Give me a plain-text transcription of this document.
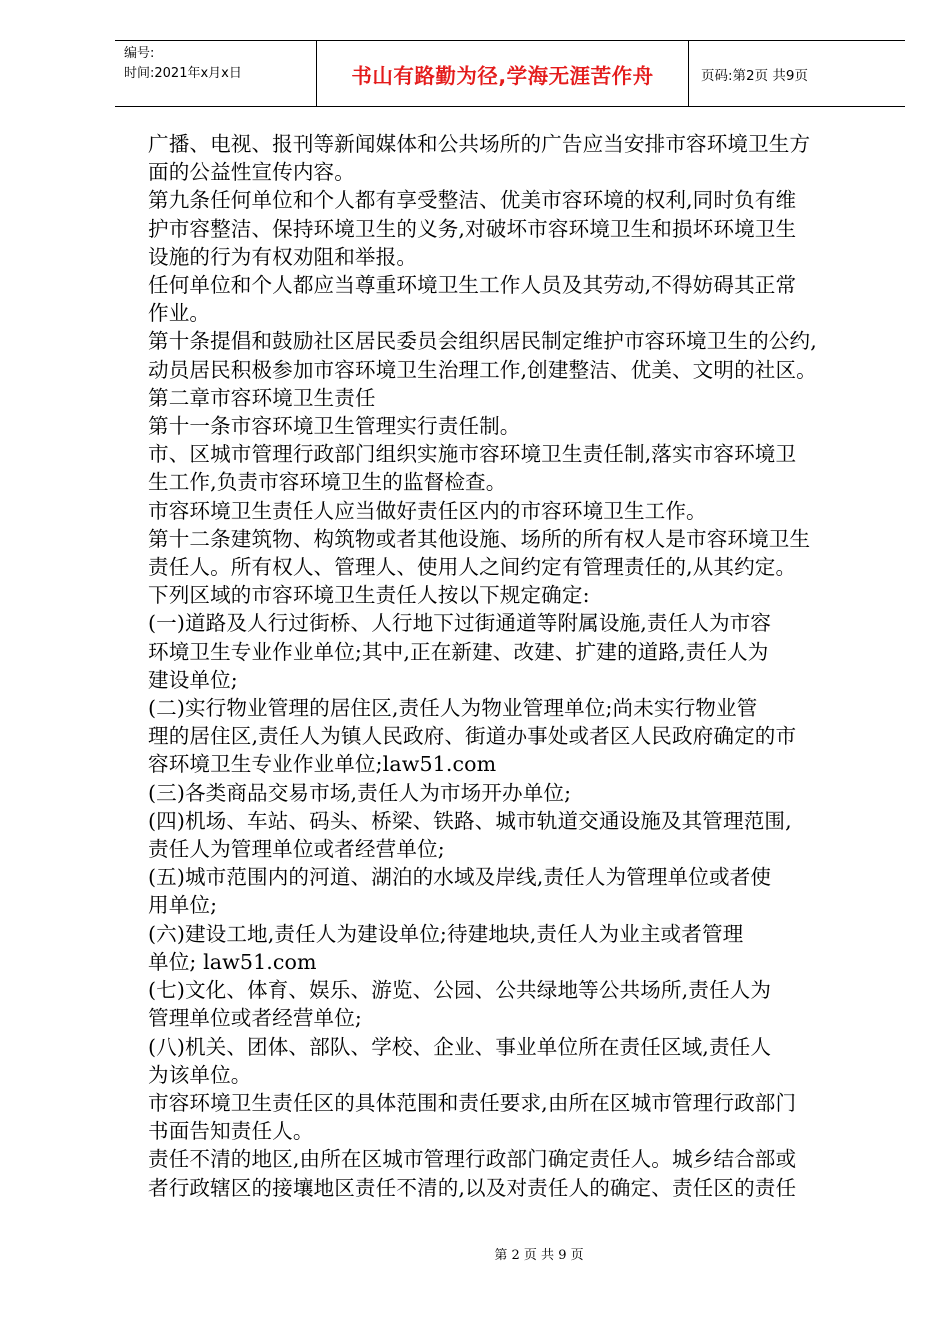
编号:
时间:2021年x月x日	书山有路勤为径,学海无涯苦作舟	页码:第2页 共9页

广播、电视、报刊等新闻媒体和公共场所的广告应当安排市容环境卫生方

面的公益性宣传内容。

第九条任何单位和个人都有享受整洁、优美市容环境的权利,同时负有维

护市容整洁、保持环境卫生的义务,对破坏市容环境卫生和损坏环境卫生

设施的行为有权劝阻和举报。

任何单位和个人都应当尊重环境卫生工作人员及其劳动,不得妨碍其正常

作业。

第十条提倡和鼓励社区居民委员会组织居民制定维护市容环境卫生的公约,

动员居民积极参加市容环境卫生治理工作,创建整洁、优美、文明的社区。

第二章市容环境卫生责任

第十一条市容环境卫生管理实行责任制。

市、区城市管理行政部门组织实施市容环境卫生责任制,落实市容环境卫

生工作,负责市容环境卫生的监督检查。

市容环境卫生责任人应当做好责任区内的市容环境卫生工作。

第十二条建筑物、构筑物或者其他设施、场所的所有权人是市容环境卫生

责任人。所有权人、管理人、使用人之间约定有管理责任的,从其约定。

下列区域的市容环境卫生责任人按以下规定确定:

(一)道路及人行过街桥、人行地下过街通道等附属设施,责任人为市容

环境卫生专业作业单位;其中,正在新建、改建、扩建的道路,责任人为

建设单位;

(二)实行物业管理的居住区,责任人为物业管理单位;尚未实行物业管

理的居住区,责任人为镇人民政府、街道办事处或者区人民政府确定的市

容环境卫生专业作业单位;law51.com

(三)各类商品交易市场,责任人为市场开办单位;

(四)机场、车站、码头、桥梁、铁路、城市轨道交通设施及其管理范围,

责任人为管理单位或者经营单位;

(五)城市范围内的河道、湖泊的水域及岸线,责任人为管理单位或者使

用单位;

(六)建设工地,责任人为建设单位;待建地块,责任人为业主或者管理

单位; law51.com

(七)文化、体育、娱乐、游览、公园、公共绿地等公共场所,责任人为

管理单位或者经营单位;

(八)机关、团体、部队、学校、企业、事业单位所在责任区域,责任人

为该单位。

市容环境卫生责任区的具体范围和责任要求,由所在区城市管理行政部门

书面告知责任人。

责任不清的地区,由所在区城市管理行政部门确定责任人。城乡结合部或

者行政辖区的接壤地区责任不清的,以及对责任人的确定、责任区的责任

第 2 页 共 9 页
